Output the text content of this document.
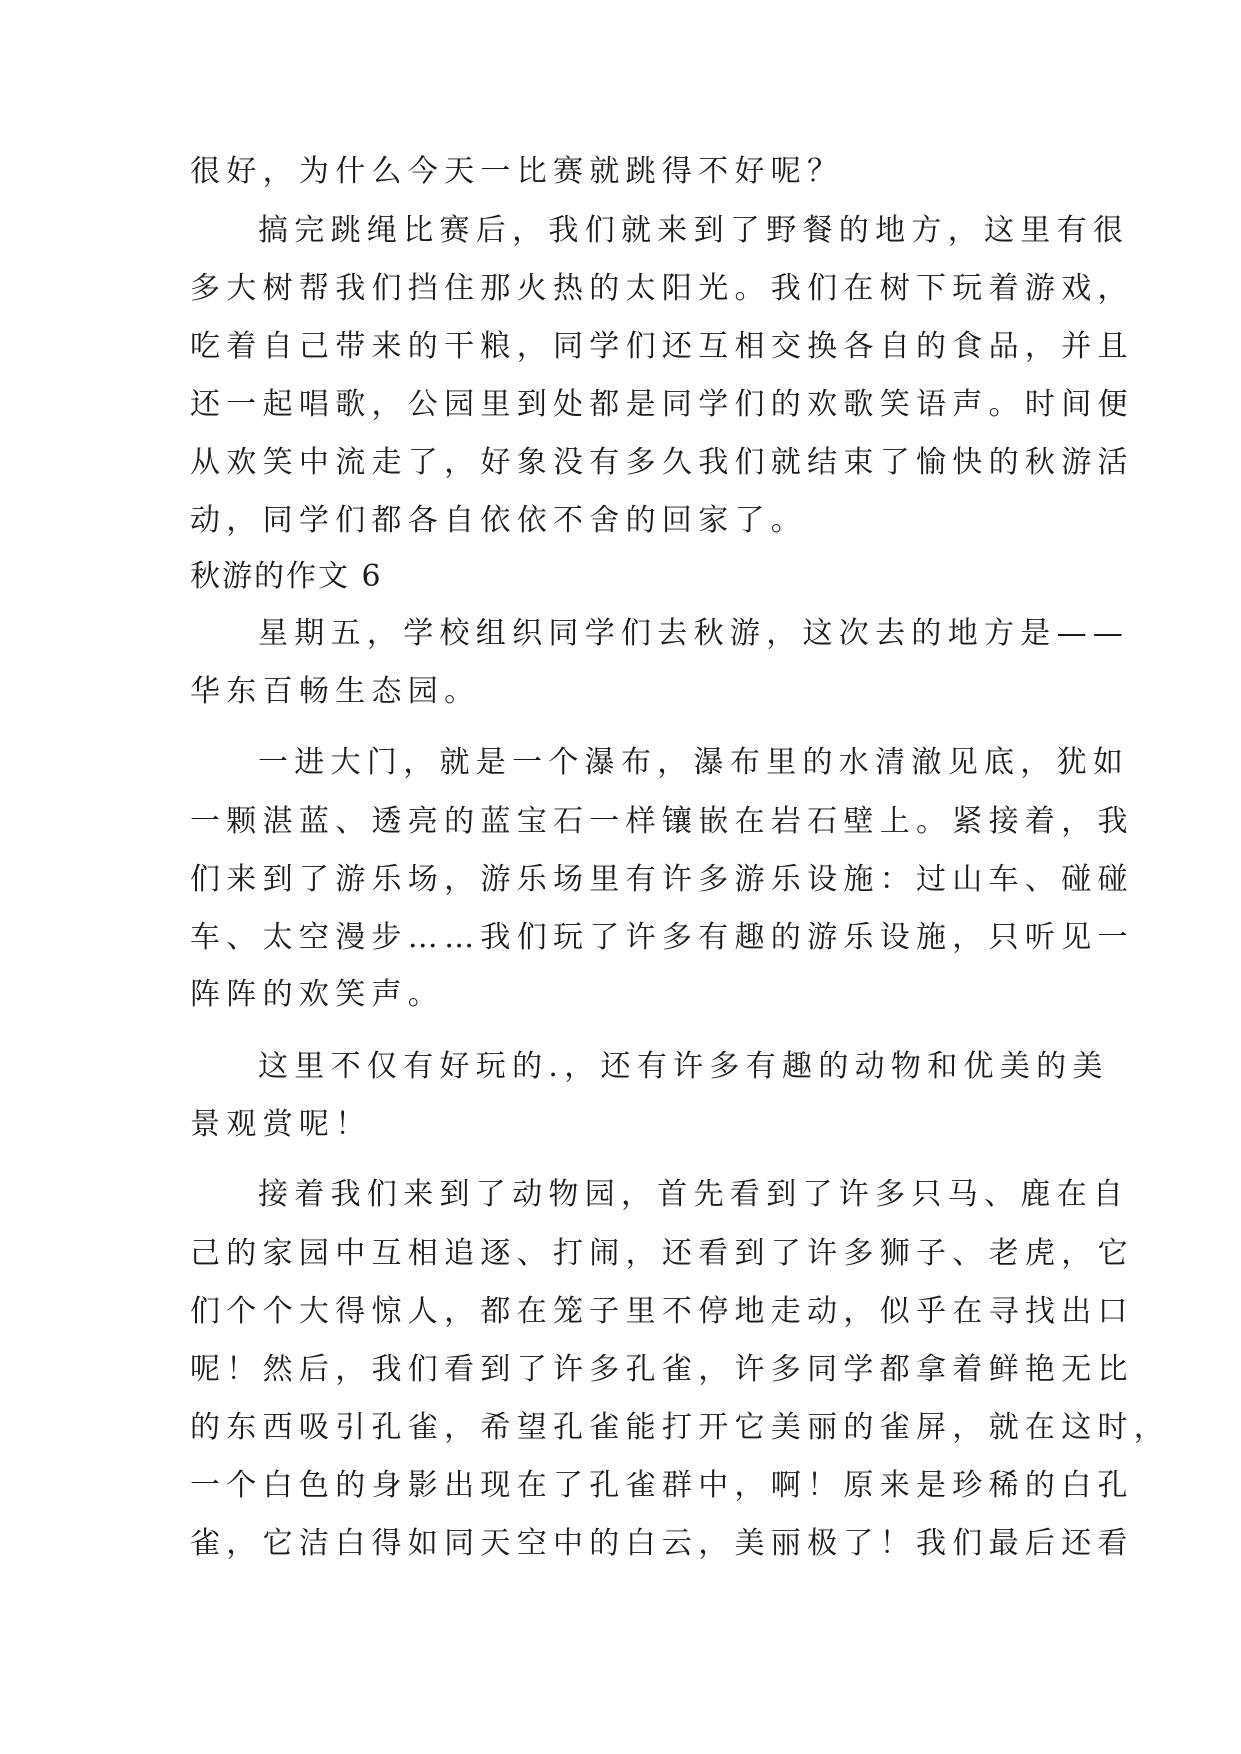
很好，为什么今天一比赛就跳得不好呢？
搞完跳绳比赛后，我们就来到了野餐的地方，这里有很
多大树帮我们挡住那火热的太阳光。我们在树下玩着游戏，
吃着自己带来的干粮，同学们还互相交换各自的食品，并且
还一起唱歌，公园里到处都是同学们的欢歌笑语声。时间便
从欢笑中流走了，好象没有多久我们就结束了愉快的秋游活
动，同学们都各自依依不舍的回家了。
秋游的作文 6
星期五，学校组织同学们去秋游，这次去的地方是——
华东百畅生态园。
一进大门，就是一个瀑布，瀑布里的水清澈见底，犹如
一颗湛蓝、透亮的蓝宝石一样镶嵌在岩石壁上。紧接着，我
们来到了游乐场，游乐场里有许多游乐设施：过山车、碰碰
车、太空漫步……我们玩了许多有趣的游乐设施，只听见一
阵阵的欢笑声。
这里不仅有好玩的.，还有许多有趣的动物和优美的美
景观赏呢！
接着我们来到了动物园，首先看到了许多只马、鹿在自
己的家园中互相追逐、打闹，还看到了许多狮子、老虎，它
们个个大得惊人，都在笼子里不停地走动，似乎在寻找出口
呢！然后，我们看到了许多孔雀，许多同学都拿着鲜艳无比
的东西吸引孔雀，希望孔雀能打开它美丽的雀屏，就在这时，
一个白色的身影出现在了孔雀群中，啊！原来是珍稀的白孔
雀，它洁白得如同天空中的白云，美丽极了！我们最后还看
